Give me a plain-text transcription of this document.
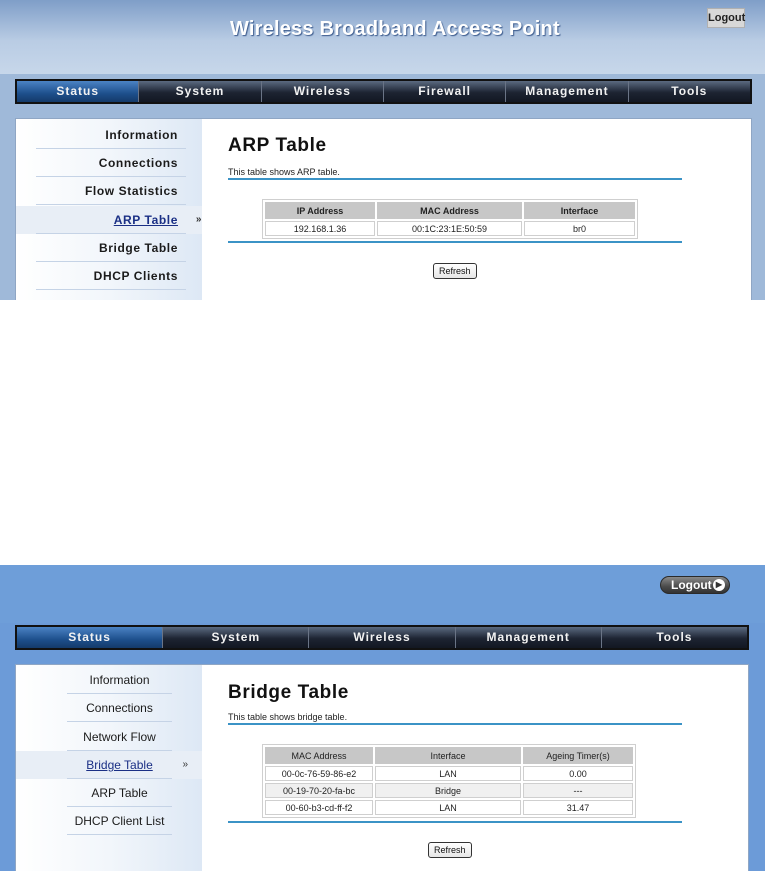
Wireless Broadband Access Point	Logout
Status	System	Wireless	Firewall	Management	Tools
Information
Connections
Flow Statistics
ARP Table »
Bridge Table
DHCP Clients
ARP Table
This table shows ARP table.
IP Address	MAC Address	Interface
192.168.1.36	00:1C:23:1E:50:59	br0
Refresh
Logout ▶
Status	System	Wireless	Management	Tools
Information
Connections
Network Flow
Bridge Table	»
ARP Table
DHCP Client List
Bridge Table
This table shows bridge table.
MAC Address	Interface	Ageing Timer(s)
00-0c-76-59-86-e2	LAN	0.00
00-19-70-20-fa-bc	Bridge	---
00-60-b3-cd-ff-f2	LAN	31.47
Refresh
